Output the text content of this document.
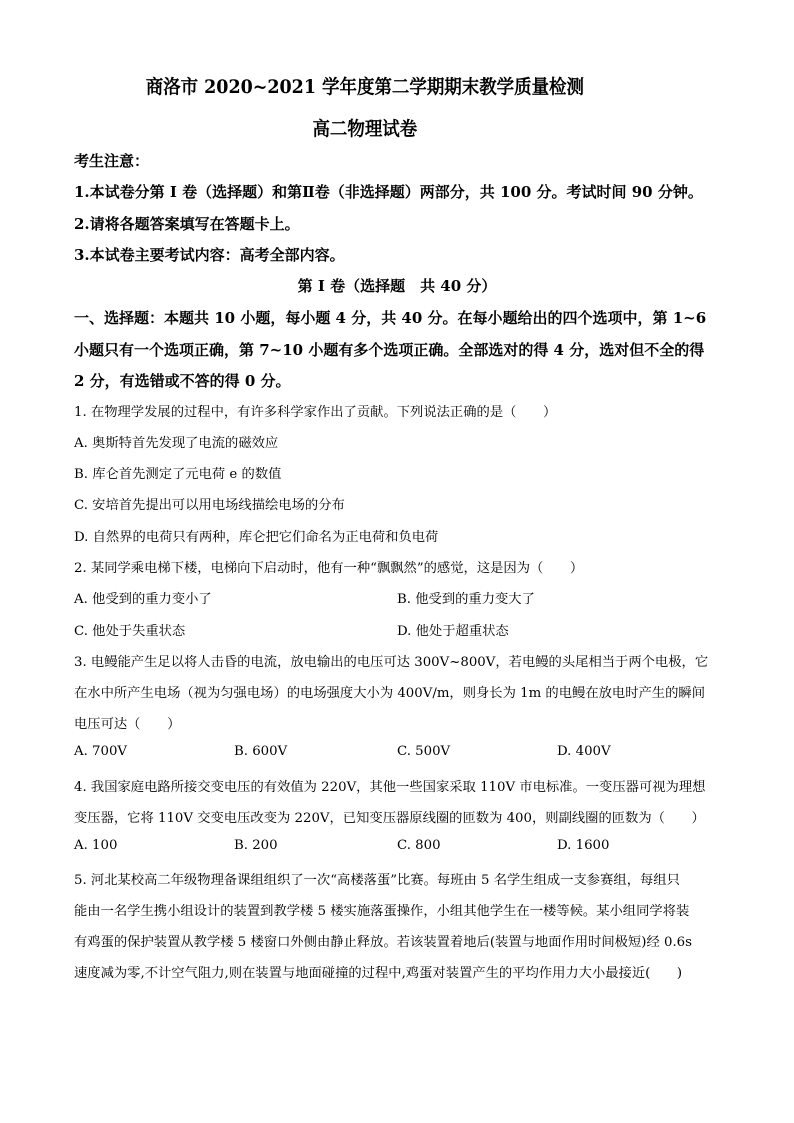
商洛市 2020~2021 学年度第二学期期末教学质量检测
高二物理试卷
考生注意：
1.本试卷分第 I 卷（选择题）和第Ⅱ卷（非选择题）两部分，共 100 分。考试时间 90 分钟。
2.请将各题答案填写在答题卡上。
3.本试卷主要考试内容：高考全部内容。
第 I 卷（选择题　共 40 分）
一、选择题：本题共 10 小题，每小题 4 分，共 40 分。在每小题给出的四个选项中，第 1~6
小题只有一个选项正确，第 7~10 小题有多个选项正确。全部选对的得 4 分，选对但不全的得
2 分，有选错或不答的得 0 分。
1. 在物理学发展的过程中，有许多科学家作出了贡献。下列说法正确的是（　　）
A. 奥斯特首先发现了电流的磁效应
B. 库仑首先测定了元电荷 e 的数值
C. 安培首先提出可以用电场线描绘电场的分布
D. 自然界的电荷只有两种，库仑把它们命名为正电荷和负电荷
2. 某同学乘电梯下楼，电梯向下启动时，他有一种“飘飘然”的感觉，这是因为（　　）
A. 他受到的重力变小了	B. 他受到的重力变大了
C. 他处于失重状态	D. 他处于超重状态
3. 电鳗能产生足以将人击昏的电流，放电输出的电压可达 300V~800V，若电鳗的头尾相当于两个电极，它
在水中所产生电场（视为匀强电场）的电场强度大小为 400V/m，则身长为 1m 的电鳗在放电时产生的瞬间
电压可达（　　）
A. 700V	B. 600V	C. 500V	D. 400V
4. 我国家庭电路所接交变电压的有效值为 220V，其他一些国家采取 110V 市电标准。一变压器可视为理想
变压器，它将 110V 交变电压改变为 220V，已知变压器原线圈的匝数为 400，则副线圈的匝数为（　　）
A. 100	B. 200	C. 800	D. 1600
5. 河北某校高二年级物理备课组组织了一次“高楼落蛋”比赛。每班由 5 名学生组成一支参赛组，每组只
能由一名学生携小组设计的装置到教学楼 5 楼实施落蛋操作，小组其他学生在一楼等候。某小组同学将装
有鸡蛋的保护装置从教学楼 5 楼窗口外侧由静止释放。若该装置着地后(装置与地面作用时间极短)经 0.6s
速度减为零,不计空气阻力,则在装置与地面碰撞的过程中,鸡蛋对装置产生的平均作用力大小最接近(　　)
